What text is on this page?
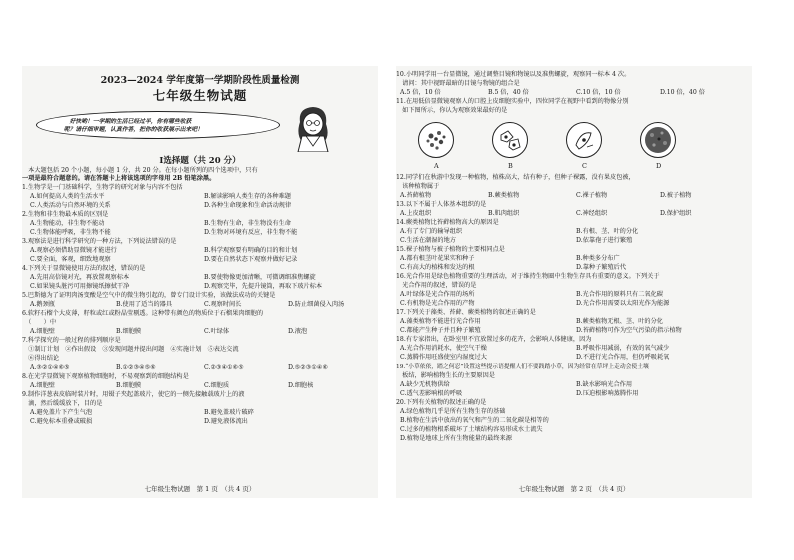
2023—2024 学年度第一学期阶段性质量检测
七年级生物试题
　　好快哟！一学期的生活已经过半，你有哪些收获
　呢？请仔细审题，认真作答，把你的收获展示出来吧！
Ⅰ选择题（共 20 分）
　本大题包括 20 个小题，每小题 1 分，共 20 分。在每小题所列的四个选项中，只有
一项是最符合题意的。请在答题卡上将该选项的字母用 2B 铅笔涂黑。
1.生物学是一门基础科学，生物学的研究对象与内容不包括
A.如何提高人类的生活水平	B.解读影响人类生存的各种难题
C.人类活动与自然环境的关系	D.各种生命现象和生命活动规律
2.生物和非生物最本质的区别是
A.生物能动，非生物不能动	B.生物有生命，非生物没有生命
C.生物体能呼吸，非生物不能	D.生物对环境有反应，非生物不能
3.观察法是进行科学研究的一种方法，下列说法错误的是
A.观察必须借助显微镜才能进行	B.科学观察要有明确的目的和计划
C.要全面，客观，细致地观察	D.要在自然状态下观察并做好记录
4.下列关于显微镜使用方法的叙述，错误的是
A.先用高倍镜对光，再放置观察标本	B.要使物像更加清晰，可微调细准焦螺旋
C.如果镜头脏污可用擦镜纸擦拭干净	D.观察完毕，先提升镜筒，再取下玻片标本
5.巴斯德为了证明肉汤变酸是空气中的微生物引起的，曾专门设计实验，该做法成功的关键是
A.鹅颈瓶	B.使用了适当的器具	C.观察时间长	D.防止细菌侵入肉汤
6.软籽石榴个大皮薄，籽粒或红或粉晶莹剔透。这种带有颜色的物质位于石榴果肉细胞的
　（　　）中
A.细胞壁	B.细胞膜	C.叶绿体	D.液泡
7.科学探究的一般过程的排列顺序是
　①制订计划　②作出假设　③发现问题并提出问题　④实施计划　⑤表达交流
　⑥得出结论
A.③②①④⑥⑤	B.①②③④⑤⑥	C.②③④①⑥⑤	D.⑤②③①④⑥
8.在光学显微镜下观察植物细胞时，不易观察到的细胞结构是
A.细胞壁	B.细胞膜	C.细胞质	D.细胞核
9.制作洋葱表皮临时装片时，用镊子夹起盖玻片，使它的一侧先接触载玻片上的液
　滴，然后缓缓放下，目的是
A.避免盖片下产生气泡	B.避免盖玻片破碎
C.避免标本重叠或破损	D.避免液体流出
七年级生物试题　第 1 页　（共 4 页）
10.小明同学用一台显微镜，通过调整目镜和物镜以及准焦螺旋，观察同一标本 4 次。
　请问：其中视野最暗的目镜与物镜的组合是
A.5 倍，10 倍	B.5 倍，40 倍	C.10 倍，10 倍	D.10 倍，40 倍
11.在用低倍显微镜观察人的口腔上皮细胞实验中，四位同学在视野中看到的物像分别
　如下图所示，你认为观察效果最好的是
A	B	C	D
12.同学们在秋游中发现一种植物，植株高大，结有种子，但种子裸露，没有果皮包被，
　该种植物属于
A.苔藓植物	B.蕨类植物	C.裸子植物	D.被子植物
13.以下不属于人体基本组织的是
A.上皮组织	B.肌肉组织	C.神经组织	D.保护组织
14.蕨类植物比苔藓植物高大的原因是
A.有了专门的输导组织	B.有根、茎、叶的分化
C.生活在潮湿的地方	D.依靠孢子进行繁殖
15.裸子植物与被子植物的主要相同点是
A.都有根茎叶花果实和种子	B.种类多分布广
C.有高大的植株和发达的根	D.靠种子繁殖后代
16.光合作用是绿色植物重要的生理活动，对于维持生物圈中生物生存具有重要的意义。下列关于
　光合作用的叙述，错误的是
A.叶绿体是光合作用的场所	B.光合作用的原料只有二氧化碳
C.有机物是光合作用的产物	D.光合作用需要以太阳光作为能源
17.下列关于藻类、苔藓、蕨类植物的叙述正确的是
A.藻类植物不能进行光合作用	B.蕨类植物无根、茎、叶的分化
C.都能产生种子并且种子繁殖	D.苔藓植物可作为空气污染的指示植物
18.有专家指出，在卧室里不宜放置过多的花卉，会影响人体健康，因为
A.光合作用消耗水，使空气干燥	B.呼吸作用减弱，有效的氧气减少
C.蒸腾作用旺盛使室内湿度过大	D.不进行光合作用，但仍呼吸耗氧
19.“小草依依，踏之何忍”设置这些提示语提醒人们不要践踏小草，因为经常在草坪上走动会使土壤
　板结，影响植物生长的主要原因是
A.缺少无机物供给	B.缺水影响光合作用
C.透气差影响根的呼吸	D.压迫根影响蒸腾作用
20.下列有关植物的叙述正确的是
A.绿色植物几乎是所有生物生存的基础
B.植物在生活中放出的氧气和产生的二氧化碳是相等的
C.过多的植物根系破坏了土壤结构容易形成水土流失
D.植物是地球上所有生物能量的最终来源
七年级生物试题　第 2 页　（共 4 页）
